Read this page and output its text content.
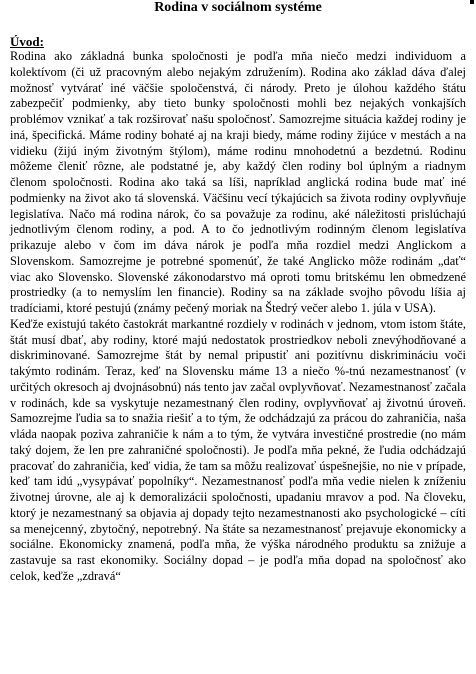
Rodina v sociálnom systéme
Úvod:

Rodina ako základná bunka spoločnosti je podľa mňa niečo medzi individuom a kolektívom (či už pracovným alebo nejakým združením). Rodina ako základ dáva ďalej možnosť vytvárať iné väčšie spoločenstvá, či národy. Preto je úlohou každého štátu zabezpečiť podmienky, aby tieto bunky spoločnosti mohli bez nejakých vonkajších problémov vznikať a tak rozširovať našu spoločnosť. Samozrejme situácia každej rodiny je iná, špecifická. Máme rodiny bohaté aj na kraji biedy, máme rodiny žijúce v mestách a na vidieku (žijú iným životným štýlom), máme rodinu mnohodetnú a bezdetnú. Rodinu môžeme členiť rôzne, ale podstatné je, aby každý člen rodiny bol úplným a riadnym členom spoločnosti. Rodina ako taká sa líši, napríklad anglická rodina bude mať iné podmienky na život ako tá slovenská. Väčšinu vecí týkajúcich sa života rodiny ovplyvňuje legislatíva. Načo má rodina nárok, čo sa považuje za rodinu, aké náležitosti prislúchajú jednotlivým členom rodiny, a pod. A to čo jednotlivým rodinným členom legislatíva prikazuje alebo v čom im dáva nárok je podľa mňa rozdiel medzi Anglickom a Slovenskom. Samozrejme je potrebné spomenúť, že také Anglicko môže rodinám „dať“ viac ako Slovensko. Slovenské zákonodarstvo má oproti tomu britskému len obmedzené prostriedky (a to nemyslím len financie). Rodiny sa na základe svojho pôvodu líšia aj tradíciami, ktoré pestujú (známy pečený moriak na Štedrý večer alebo 1. júla v USA).

Keďže existujú takéto častokrát markantné rozdiely v rodinách v jednom, vtom istom štáte, štát musí dbať, aby rodiny, ktoré majú nedostatok prostriedkov neboli znevýhodňované a diskriminované. Samozrejme štát by nemal pripustiť ani pozitívnu diskrimináciu voči takýmto rodinám. Teraz, keď na Slovensku máme 13 a niečo %-tnú nezamestnanosť (v určitých okresoch aj dvojnásobnú) nás tento jav začal ovplyvňovať. Nezamestnanosť začala v rodinách, kde sa vyskytuje nezamestnaný člen rodiny, ovplyvňovať aj životnú úroveň. Samozrejme ľudia sa to snažia riešiť a to tým, že odchádzajú za prácou do zahraničia, naša vláda naopak poziva zahraničie k nám a to tým, že vytvára investičné prostredie (no mám taký dojem, že len pre zahraničné spoločnosti). Je podľa mňa pekné, že ľudia odchádzajú pracovať do zahraničia, keď vidia, že tam sa môžu realizovať úspešnejšie, no nie v prípade, keď tam idú „vysypávať popolníky“. Nezamestnanosť podľa mňa vedie nielen k zníženiu životnej úrovne, ale aj k demoralizácii spoločnosti, upadaniu mravov a pod. Na človeku, ktorý je nezamestnaný sa objavia aj dopady tejto nezamestnanosti ako psychologické – cíti sa menejcenný, zbytočný, nepotrebný. Na štáte sa nezamestnanosť prejavuje ekonomicky a sociálne. Ekonomicky znamená, podľa mňa, že výška národného produktu sa znižuje a zastavuje sa rast ekonomiky. Sociálny dopad – je podľa mňa dopad na spoločnosť ako celok, keďže „zdravá“
